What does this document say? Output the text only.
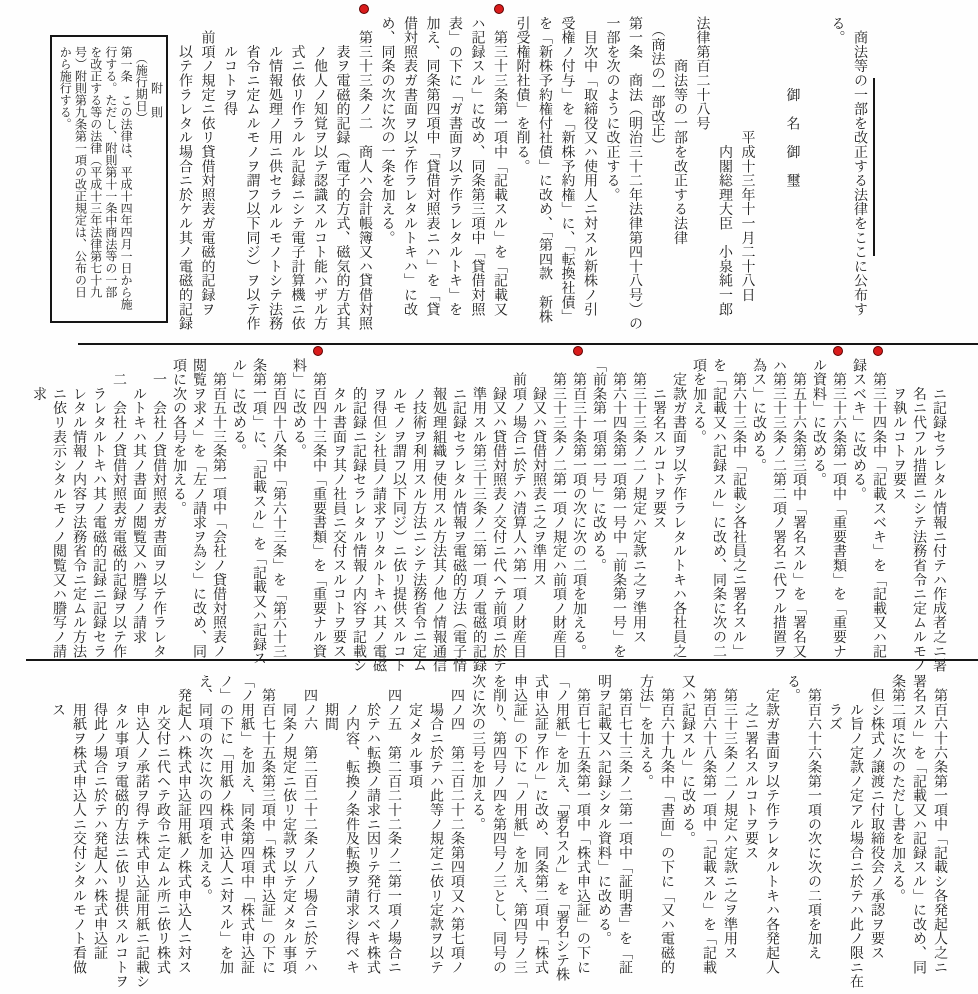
　商法等の一部を改正する法律をここに公布す
る。

　　　　　御　名　御　璽

　　　　　　　　平成十三年十一月二十八日
　　　　　　　　　内閣総理大臣　小泉純一郎
法律第百二十八号
　　　商法等の一部を改正する法律
　（商法の一部改正）
第一条　商法（明治三十二年法律第四十八号）の
一部を次のように改正する。
　目次中「取締役又ハ使用人ニ対スル新株ノ引
受権ノ付与」を「新株予約権」に、「転換社債」
を「新株予約権付社債」に改め、「第四款　新株
引受権附社債」を削る。
　第三十三条第一項中「記載スル」を「記載又
ハ記録スル」に改め、同条第三項中「貸借対照
表」の下に「ガ書面ヲ以テ作ラレタルトキ」を
加え、同条第四項中「貸借対照表ニハ」を「貸
借対照表ガ書面ヲ以テ作ラレタルトキハ」に改
め、同条の次に次の一条を加える。
　第三十三条ノ二　商人ハ会計帳簿又ハ貸借対照
　　表ヲ電磁的記録（電子的方式、磁気的方式其
　　ノ他人ノ知覚ヲ以テ認識スルコト能ハザル方
　　式ニ依リ作ラルル記録ニシテ電子計算機ニ依
　　ル情報処理ノ用ニ供セラルルモノトシテ法務
　　省令ニ定ムルモノヲ謂フ以下同ジ）ヲ以テ作
　　ルコトヲ得
　前項ノ規定ニ依リ貸借対照表ガ電磁的記録ヲ
　　以テ作ラレタル場合ニ於ケル其ノ電磁的記録
　　　附　則
　（施行期日）
第一条　この法律は、平成十四年四月一日から施
行する。ただし、附則第十一条中商法等の一部
を改正する等の法律（平成十三年法律第七十九
号）附則第九条第一項の改正規定は、公布の日
から施行する。
　　ニ記録セラレタル情報ニ付テハ作成者之ニ署
　　名ニ代フル措置ニシテ法務省令ニ定ムルモノ
　　ヲ執ルコトヲ要ス
　第三十四条中「記載スベキ」を「記載又ハ記
録スベキ」に改める。
　第三十六条第一項中「重要書類」を「重要ナ
ル資料」に改める。
　第五十六条第三項中「署名スル」を「署名又
ハ第三十三条ノ二第二項ノ署名ニ代フル措置ヲ
為ス」に改める。
　第六十三条中「記載シ各社員之ニ署名スル」
を「記載又ハ記録スル」に改め、同条に次の二
項を加える。
　定款ガ書面ヲ以テ作ラレタルトキハ各社員之
　　ニ署名スルコトヲ要ス
　第三十三条ノ二ノ規定ハ定款ニ之ヲ準用ス
　第六十四条第一項第一号中「前条第一号」を
「前条第一項第一号」に改める。
　第百三十条第一項の次に次の二項を加える。
　第三十三条ノ二第一項ノ規定ハ前項ノ財産目
　　録又ハ貸借対照表ニ之ヲ準用ス
　前項ノ場合ニ於テハ清算人ハ第一項ノ財産目
　　録又ハ貸借対照表ノ交付ニ代ヘテ前項ニ於テ
　　準用スル第三十三条ノ二第一項ノ電磁的記録
　　ニ記録セラレタル情報ヲ電磁的方法（電子情
　　報処理組織ヲ使用スル方法其ノ他ノ情報通信
　　ノ技術ヲ利用スル方法ニシテ法務省令ニ定ム
　　ルモノヲ謂フ以下同ジ）ニ依リ提供スルコト
　　ヲ得但シ社員ノ請求アリタルトキハ其ノ電磁
　　的記録ニ記録セラレタル情報ノ内容ヲ記載シ
　　タル書面ヲ其ノ社員ニ交付スルコトヲ要ス
　第百四十三条中「重要書類」を「重要ナル資
料」に改める。
　第百四十八条中「第六十三条」を「第六十三
条第一項」に、「記載スル」を「記載又ハ記録ス
ル」に改める。
　第百五十三条第一項中「会社ノ貸借対照表ノ
閲覧ヲ求メ」を「左ノ請求ヲ為シ」に改め、同
項に次の各号を加える。
　一　会社ノ貸借対照表ガ書面ヲ以テ作ラレタ
　　ルトキハ其ノ書面ノ閲覧又ハ謄写ノ請求
　二　会社ノ貸借対照表ガ電磁的記録ヲ以テ作
　　ラレタルトキハ其ノ電磁的記録ニ記録セラ
　　レタル情報ノ内容ヲ法務省令ニ定ムル方法
　　ニ依リ表示シタルモノノ閲覧又ハ謄写ノ請
　　求
　第百六十六条第一項中「記載シ各発起人之ニ
署名スル」を「記載又ハ記録スル」に改め、同
条第二項に次のただし書を加える。
　但シ株式ノ譲渡ニ付取締役会ノ承認ヲ要ス
　　ル旨ノ定款ノ定アル場合ニ於テハ此ノ限ニ在
　　ラズ
　第百六十六条第一項の次に次の二項を加え
る。
　定款ガ書面ヲ以テ作ラレタルトキハ各発起人
　　之ニ署名スルコトヲ要ス
　第三十三条ノ二ノ規定ハ定款ニ之ヲ準用ス
　第百六十八条第一項中「記載スル」を「記載
又ハ記録スル」に改める。
　第百六十九条中「書面」の下に「又ハ電磁的
方法」を加える。
　第百七十三条ノ二第一項中「証明書」を「証
明ヲ記載又ハ記録シタル資料」に改める。
　第百七十五条第一項中「株式申込証」の下に
「ノ用紙」を加え、「署名スル」を「署名シテ株
式申込証ヲ作ル」に改め、同条第二項中「株式
申込証」の下に「ノ用紙」を加え、第四号ノ三
を削り、第四号ノ四を第四号ノ三とし、同号の
次に次の三号を加える。
　四ノ四　第二百二十二条第四項又ハ第七項ノ
　　場合ニ於テハ此等ノ規定ニ依リ定款ヲ以テ
　　定メタル事項
　四ノ五　第二百二十二条ノ二第一項ノ場合ニ
　　於テハ転換ノ請求ニ因リテ発行スベキ株式
　　ノ内容、転換ノ条件及転換ヲ請求シ得ベキ
　　期間
　四ノ六　第二百二十二条ノ八ノ場合ニ於テハ
　　同条ノ規定ニ依リ定款ヲ以テ定メタル事項
　第百七十五条第三項中「株式申込証」の下に
「ノ用紙」を加え、同条第四項中「株式申込証
ノ」の下に「用紙ノ株式申込人ニ対スル」を加
え、同項の次に次の四項を加える。
　発起人ハ株式申込証用紙ノ株式申込人ニ対ス
　　ル交付ニ代ヘテ政令ニ定ムル所ニ依リ株式
　　申込人ノ承諾ヲ得テ株式申込証用紙ニ記載シ
　　タル事項ヲ電磁的方法ニ依リ提供スルコトヲ
　　得此ノ場合ニ於テハ発起人ハ株式申込証
　　用紙ヲ株式申込人ニ交付シタルモノト看做
　　ス
